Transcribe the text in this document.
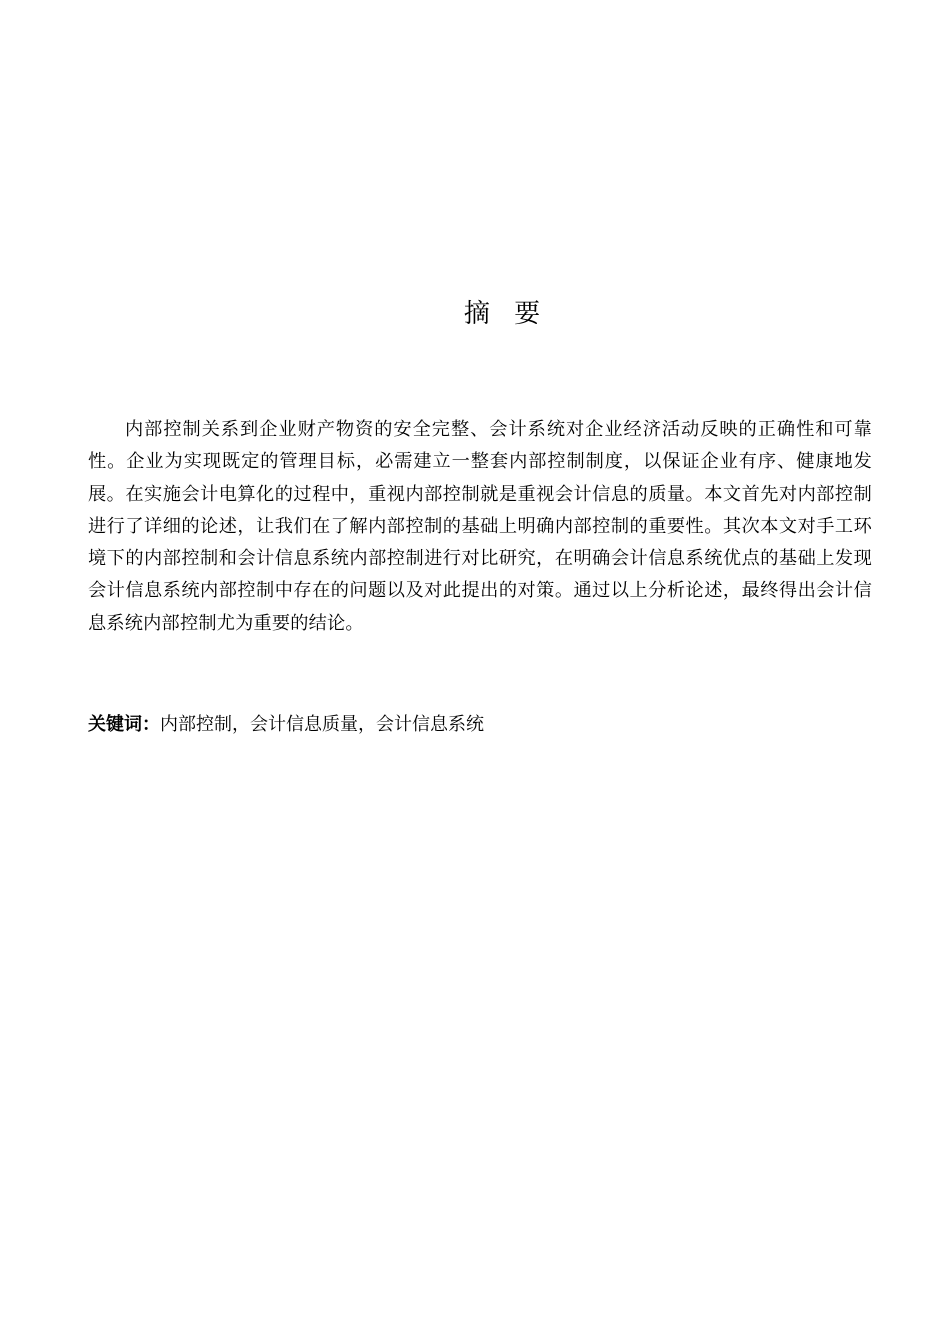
摘 要

内部控制关系到企业财产物资的安全完整、会计系统对企业经济活动反映的正确性和可靠性。企业为实现既定的管理目标，必需建立一整套内部控制制度，以保证企业有序、健康地发展。在实施会计电算化的过程中，重视内部控制就是重视会计信息的质量。本文首先对内部控制进行了详细的论述，让我们在了解内部控制的基础上明确内部控制的重要性。其次本文对手工环境下的内部控制和会计信息系统内部控制进行对比研究，在明确会计信息系统优点的基础上发现会计信息系统内部控制中存在的问题以及对此提出的对策。通过以上分析论述，最终得出会计信息系统内部控制尤为重要的结论。

关键词：内部控制，会计信息质量，会计信息系统
